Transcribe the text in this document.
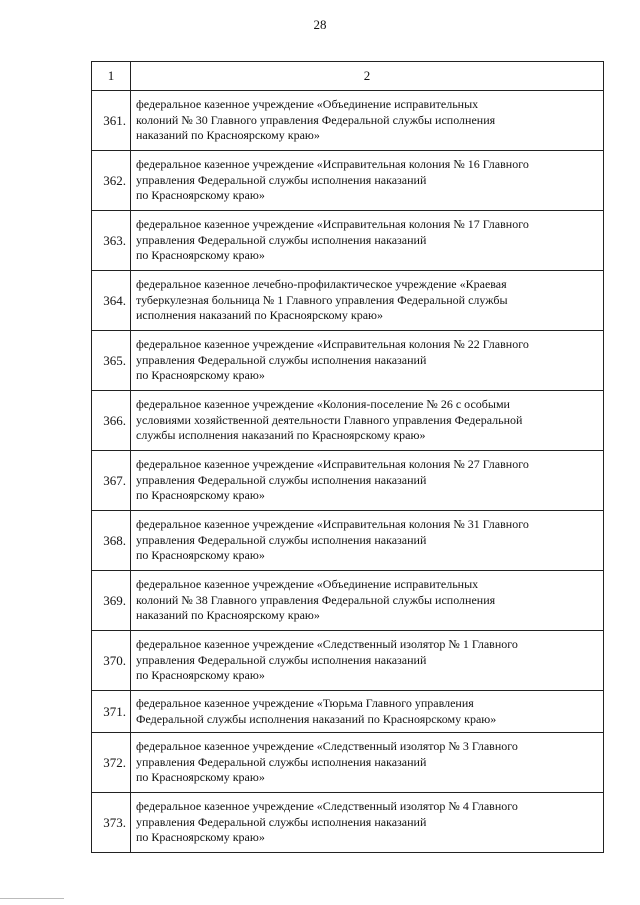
28
1	2
361.	федеральное казенное учреждение «Объединение исправительных
колоний № 30 Главного управления Федеральной службы исполнения
наказаний по Красноярскому краю»

362.	федеральное казенное учреждение «Исправительная колония № 16 Главного
управления Федеральной службы исполнения наказаний
по Красноярскому краю»

363.	федеральное казенное учреждение «Исправительная колония № 17 Главного
управления Федеральной службы исполнения наказаний
по Красноярскому краю»

364.	федеральное казенное лечебно-профилактическое учреждение «Краевая
туберкулезная больница № 1 Главного управления Федеральной службы
исполнения наказаний по Красноярскому краю»

365.	федеральное казенное учреждение «Исправительная колония № 22 Главного
управления Федеральной службы исполнения наказаний
по Красноярскому краю»

366.	федеральное казенное учреждение «Колония-поселение № 26 с особыми
условиями хозяйственной деятельности Главного управления Федеральной
службы исполнения наказаний по Красноярскому краю»

367.	федеральное казенное учреждение «Исправительная колония № 27 Главного
управления Федеральной службы исполнения наказаний
по Красноярскому краю»

368.	федеральное казенное учреждение «Исправительная колония № 31 Главного
управления Федеральной службы исполнения наказаний
по Красноярскому краю»

369.	федеральное казенное учреждение «Объединение исправительных
колоний № 38 Главного управления Федеральной службы исполнения
наказаний по Красноярскому краю»

370.	федеральное казенное учреждение «Следственный изолятор № 1 Главного
управления Федеральной службы исполнения наказаний
по Красноярскому краю»

371.	федеральное казенное учреждение «Тюрьма Главного управления
Федеральной службы исполнения наказаний по Красноярскому краю»

372.	федеральное казенное учреждение «Следственный изолятор № 3 Главного
управления Федеральной службы исполнения наказаний
по Красноярскому краю»

373.	федеральное казенное учреждение «Следственный изолятор № 4 Главного
управления Федеральной службы исполнения наказаний
по Красноярскому краю»
